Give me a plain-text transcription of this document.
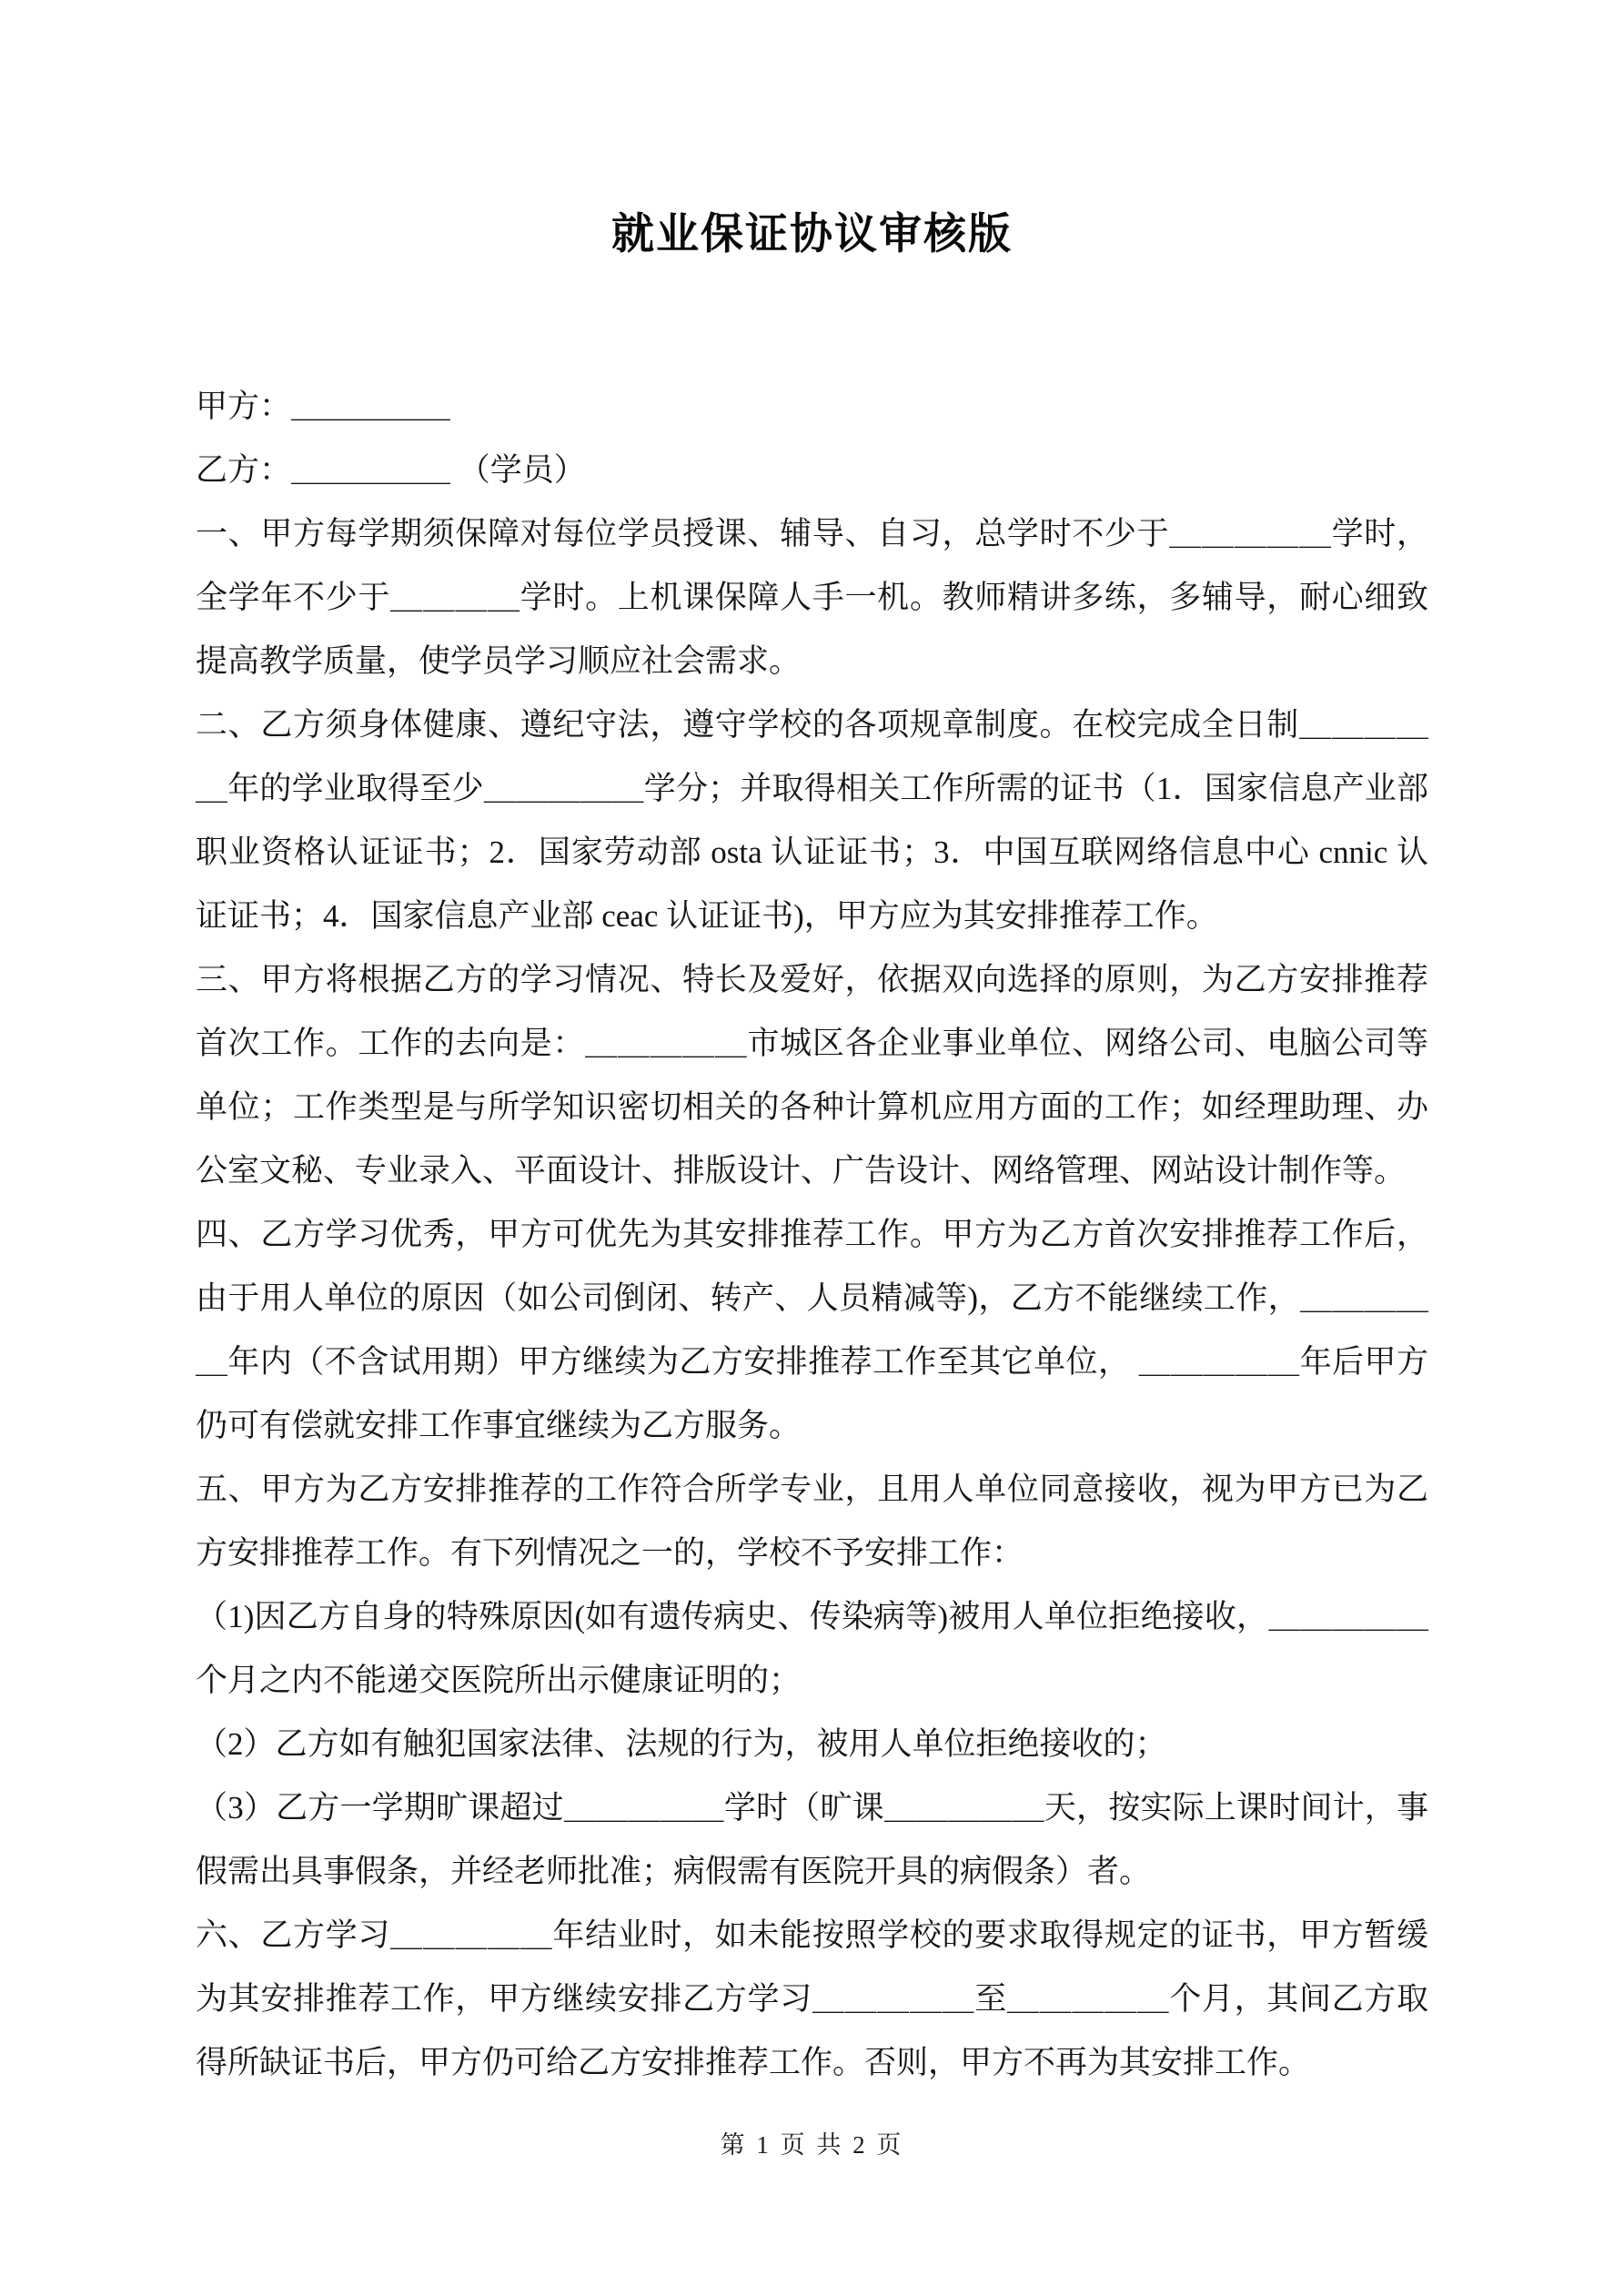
就业保证协议审核版

甲方：＿＿＿＿＿

乙方：＿＿＿＿＿ （学员）

一、甲方每学期须保障对每位学员授课、辅导、自习，总学时不少于＿＿＿＿＿学时，全学年不少于＿＿＿＿学时。上机课保障人手一机。教师精讲多练，多辅导，耐心细致提高教学质量，使学员学习顺应社会需求。

二、乙方须身体健康、遵纪守法，遵守学校的各项规章制度。在校完成全日制＿＿＿＿＿年的学业取得至少＿＿＿＿＿学分；并取得相关工作所需的证书（1．国家信息产业部职业资格认证证书；2．国家劳动部 osta 认证证书；3．中国互联网络信息中心 cnnic 认证证书；4．国家信息产业部 ceac 认证证书)，甲方应为其安排推荐工作。

三、甲方将根据乙方的学习情况、特长及爱好，依据双向选择的原则，为乙方安排推荐首次工作。工作的去向是：＿＿＿＿＿市城区各企业事业单位、网络公司、电脑公司等单位；工作类型是与所学知识密切相关的各种计算机应用方面的工作；如经理助理、办公室文秘、专业录入、平面设计、排版设计、广告设计、网络管理、网站设计制作等。

四、乙方学习优秀，甲方可优先为其安排推荐工作。甲方为乙方首次安排推荐工作后，由于用人单位的原因（如公司倒闭、转产、人员精减等)，乙方不能继续工作，＿＿＿＿＿年内（不含试用期）甲方继续为乙方安排推荐工作至其它单位， ＿＿＿＿＿年后甲方仍可有偿就安排工作事宜继续为乙方服务。

五、甲方为乙方安排推荐的工作符合所学专业，且用人单位同意接收，视为甲方已为乙方安排推荐工作。有下列情况之一的，学校不予安排工作：

（1)因乙方自身的特殊原因(如有遗传病史、传染病等)被用人单位拒绝接收，＿＿＿＿＿个月之内不能递交医院所出示健康证明的；

（2）乙方如有触犯国家法律、法规的行为，被用人单位拒绝接收的；

（3）乙方一学期旷课超过＿＿＿＿＿学时（旷课＿＿＿＿＿天，按实际上课时间计，事假需出具事假条，并经老师批准；病假需有医院开具的病假条）者。

六、乙方学习＿＿＿＿＿年结业时，如未能按照学校的要求取得规定的证书，甲方暂缓为其安排推荐工作，甲方继续安排乙方学习＿＿＿＿＿至＿＿＿＿＿个月，其间乙方取得所缺证书后，甲方仍可给乙方安排推荐工作。否则，甲方不再为其安排工作。

第 1 页 共 2 页
